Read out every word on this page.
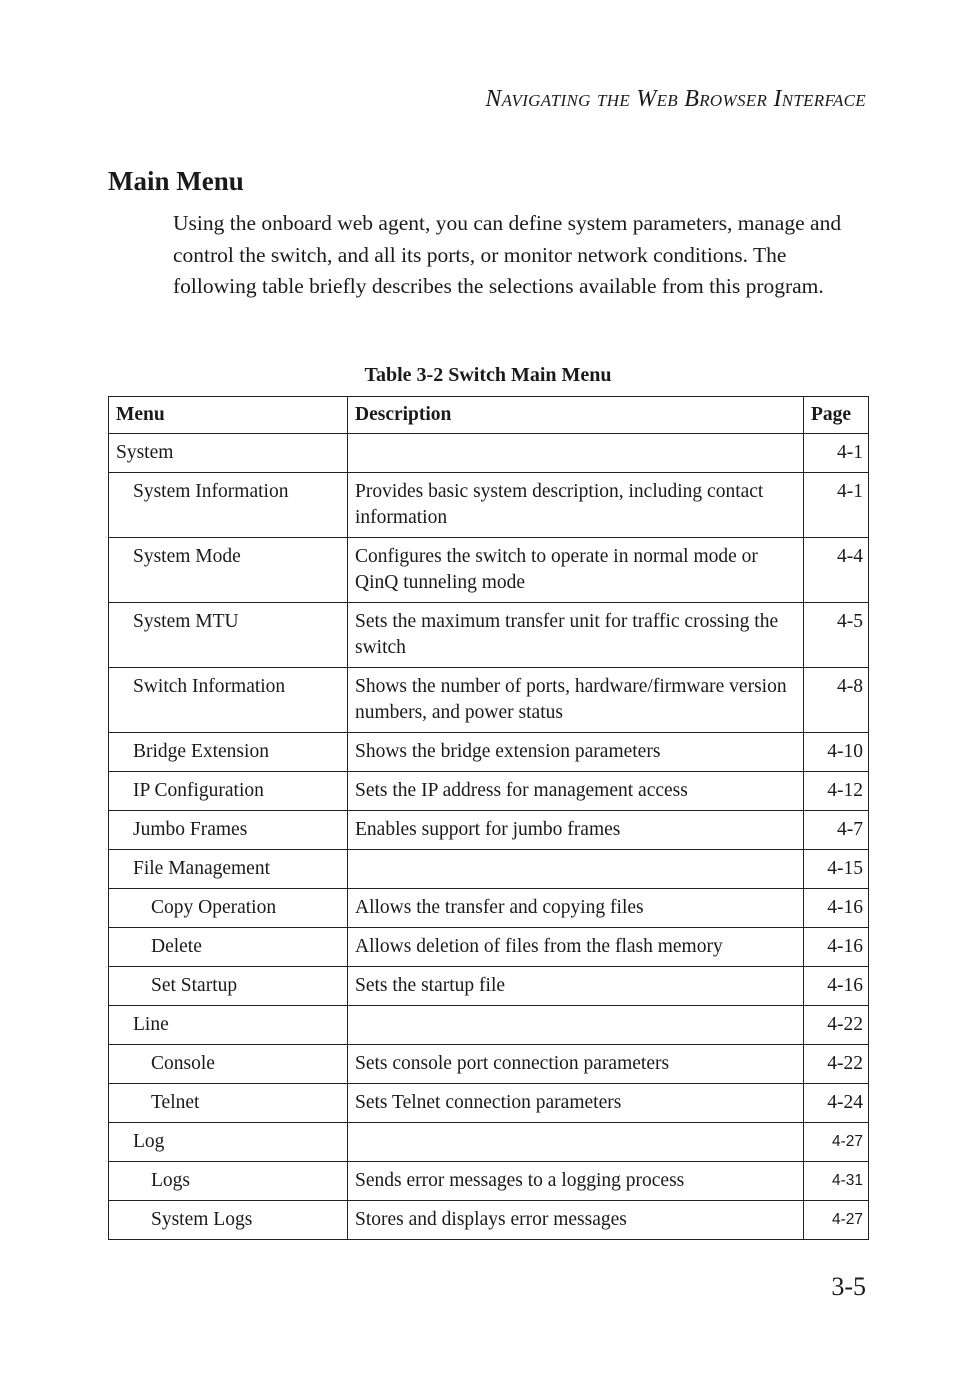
Navigating the Web Browser Interface
Main Menu

Using the onboard web agent, you can define system parameters, manage and control the switch, and all its ports, or monitor network conditions. The following table briefly describes the selections available from this program.

Table 3-2 Switch Main Menu
Menu	Description	Page
System		4-1
System Information	Provides basic system description, including contact information	4-1
System Mode	Configures the switch to operate in normal mode or QinQ tunneling mode	4-4
System MTU	Sets the maximum transfer unit for traffic crossing the switch	4-5
Switch Information	Shows the number of ports, hardware/firmware version numbers, and power status	4-8
Bridge Extension	Shows the bridge extension parameters	4-10
IP Configuration	Sets the IP address for management access	4-12
Jumbo Frames	Enables support for jumbo frames	4-7
File Management		4-15
Copy Operation	Allows the transfer and copying files	4-16
Delete	Allows deletion of files from the flash memory	4-16
Set Startup	Sets the startup file	4-16
Line		4-22
Console	Sets console port connection parameters	4-22
Telnet	Sets Telnet connection parameters	4-24
Log		4-27
Logs	Sends error messages to a logging process	4-31
System Logs	Stores and displays error messages	4-27
3-5
